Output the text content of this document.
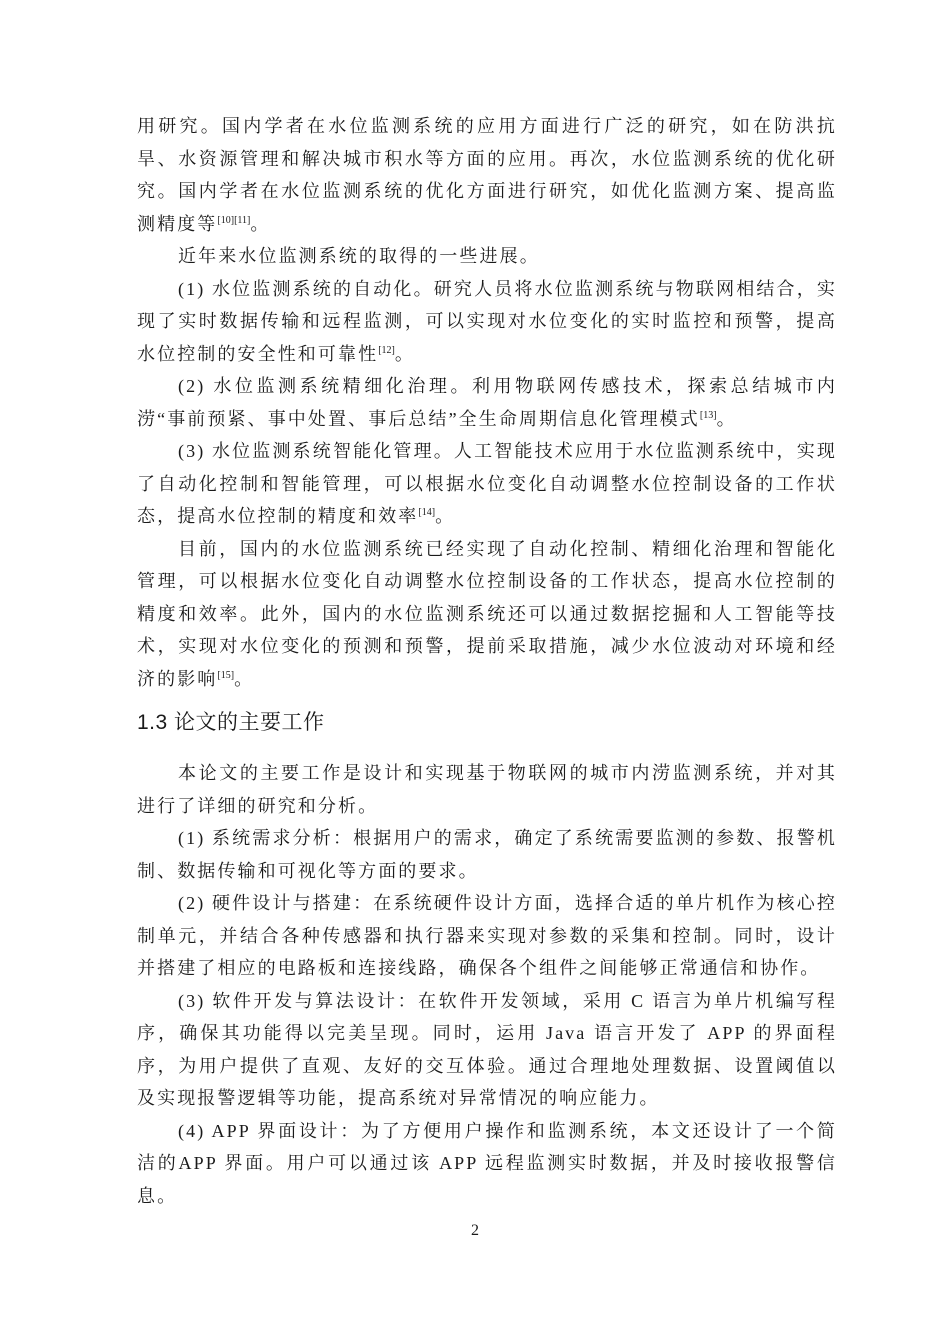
用研究。国内学者在水位监测系统的应用方面进行广泛的研究，如在防洪抗旱、水资源管理和解决城市积水等方面的应用。再次，水位监测系统的优化研究。国内学者在水位监测系统的优化方面进行研究，如优化监测方案、提高监测精度等[10][11]。

近年来水位监测系统的取得的一些进展。

(1) 水位监测系统的自动化。研究人员将水位监测系统与物联网相结合，实现了实时数据传输和远程监测，可以实现对水位变化的实时监控和预警，提高水位控制的安全性和可靠性[12]。

(2) 水位监测系统精细化治理。利用物联网传感技术，探索总结城市内涝“事前预紧、事中处置、事后总结”全生命周期信息化管理模式[13]。

(3) 水位监测系统智能化管理。人工智能技术应用于水位监测系统中，实现了自动化控制和智能管理，可以根据水位变化自动调整水位控制设备的工作状态，提高水位控制的精度和效率[14]。

目前，国内的水位监测系统已经实现了自动化控制、精细化治理和智能化管理，可以根据水位变化自动调整水位控制设备的工作状态，提高水位控制的精度和效率。此外，国内的水位监测系统还可以通过数据挖掘和人工智能等技术，实现对水位变化的预测和预警，提前采取措施，减少水位波动对环境和经济的影响[15]。

1.3 论文的主要工作

本论文的主要工作是设计和实现基于物联网的城市内涝监测系统，并对其进行了详细的研究和分析。

(1) 系统需求分析：根据用户的需求，确定了系统需要监测的参数、报警机制、数据传输和可视化等方面的要求。

(2) 硬件设计与搭建：在系统硬件设计方面，选择合适的单片机作为核心控制单元，并结合各种传感器和执行器来实现对参数的采集和控制。同时，设计并搭建了相应的电路板和连接线路，确保各个组件之间能够正常通信和协作。

(3) 软件开发与算法设计：在软件开发领域，采用 C 语言为单片机编写程序，确保其功能得以完美呈现。同时，运用 Java 语言开发了 APP 的界面程序，为用户提供了直观、友好的交互体验。通过合理地处理数据、设置阈值以及实现报警逻辑等功能，提高系统对异常情况的响应能力。

(4) APP 界面设计：为了方便用户操作和监测系统，本文还设计了一个简洁的APP 界面。用户可以通过该 APP 远程监测实时数据，并及时接收报警信息。

2
